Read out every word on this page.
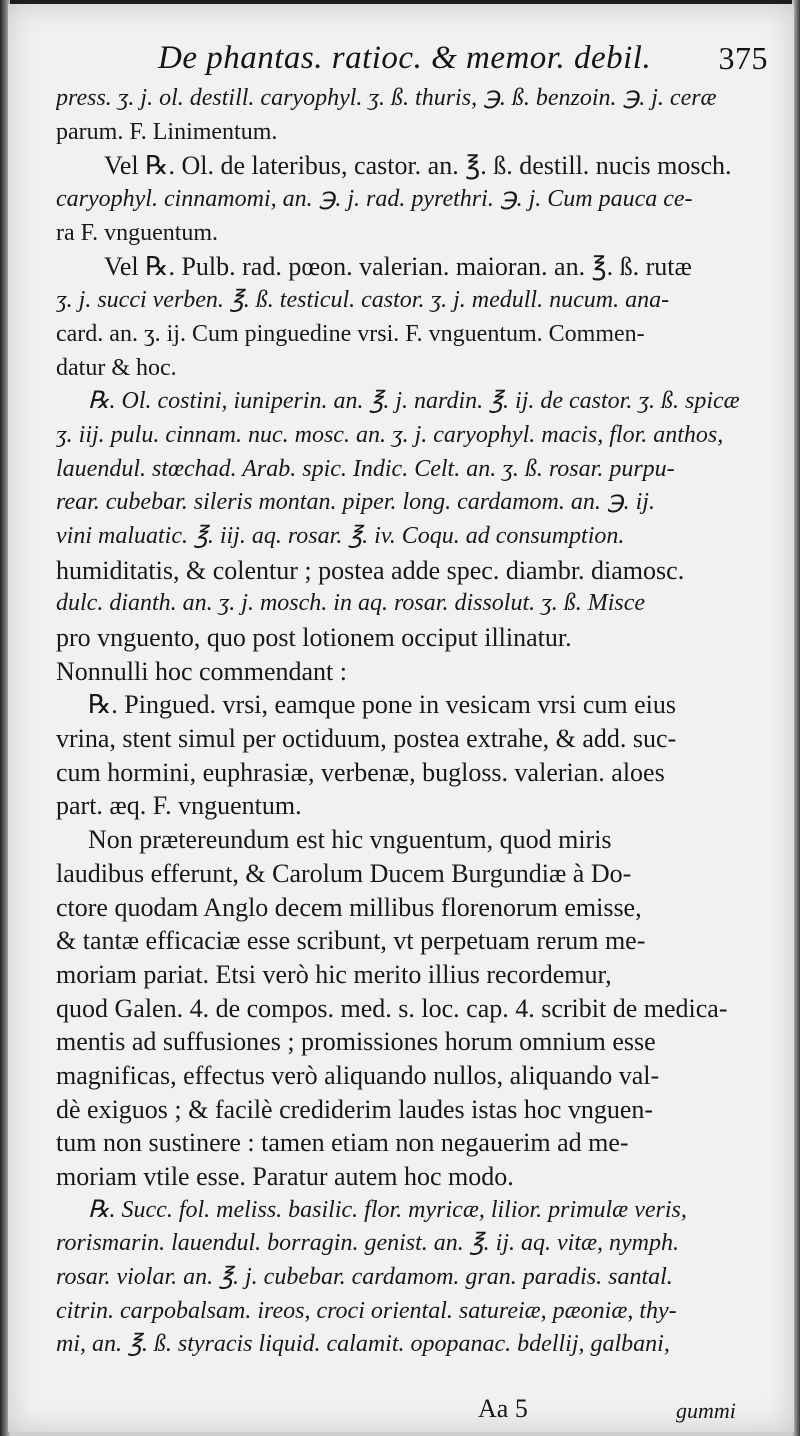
De phantas. ratioc. & memor. debil. 375
press. ʒ. j. ol. destill. caryophyl. ʒ. ß. thuris, ℈. ß. benzoin. ℈. j. ceræ
parum. F. Linimentum.
Vel ℞. Ol. de lateribus, castor. an. ℥. ß. destill. nucis mosch.
caryophyl. cinnamomi, an. ℈. j. rad. pyrethri. ℈. j. Cum pauca ce-
ra F. vnguentum.
Vel ℞. Pulb. rad. pœon. valerian. maioran. an. ℥. ß. rutæ
ʒ. j. succi verben. ℥. ß. testicul. castor. ʒ. j. medull. nucum. ana-
card. an. ʒ. ij. Cum pinguedine vrsi. F. vnguentum. Commen-
datur & hoc.
℞. Ol. costini, iuniperin. an. ℥. j. nardin. ℥. ij. de castor. ʒ. ß. spicæ
ʒ. iij. pulu. cinnam. nuc. mosc. an. ʒ. j. caryophyl. macis, flor. anthos,
lauendul. stœchad. Arab. spic. Indic. Celt. an. ʒ. ß. rosar. purpu-
rear. cubebar. sileris montan. piper. long. cardamom. an. ℈. ij.
vini maluatic. ℥. iij. aq. rosar. ℥. iv. Coqu. ad consumption.
humiditatis, & colentur ; postea adde spec. diambr. diamosc.
dulc. dianth. an. ʒ. j. mosch. in aq. rosar. dissolut. ʒ. ß. Misce
pro vnguento, quo post lotionem occiput illinatur.
Nonnulli hoc commendant :
℞. Pingued. vrsi, eamque pone in vesicam vrsi cum eius
vrina, stent simul per octiduum, postea extrahe, & add. suc-
cum hormini, euphrasiæ, verbenæ, bugloss. valerian. aloes
part. æq. F. vnguentum.
Non prætereundum est hic vnguentum, quod miris
laudibus efferunt, & Carolum Ducem Burgundiæ à Do-
ctore quodam Anglo decem millibus florenorum emisse,
& tantæ efficaciæ esse scribunt, vt perpetuam rerum me-
moriam pariat. Etsi verò hic merito illius recordemur,
quod Galen. 4. de compos. med. s. loc. cap. 4. scribit de medica-
mentis ad suffusiones ; promissiones horum omnium esse
magnificas, effectus verò aliquando nullos, aliquando val-
dè exiguos ; & facilè crediderim laudes istas hoc vnguen-
tum non sustinere : tamen etiam non negauerim ad me-
moriam vtile esse. Paratur autem hoc modo.
℞. Succ. fol. meliss. basilic. flor. myricæ, lilior. primulæ veris,
rorismarin. lauendul. borragin. genist. an. ℥. ij. aq. vitæ, nymph.
rosar. violar. an. ℥. j. cubebar. cardamom. gran. paradis. santal.
citrin. carpobalsam. ireos, croci oriental. satureiæ, pæoniæ, thy-
mi, an. ℥. ß. styracis liquid. calamit. opopanac. bdellij, galbani,
Aa 5	gummi
